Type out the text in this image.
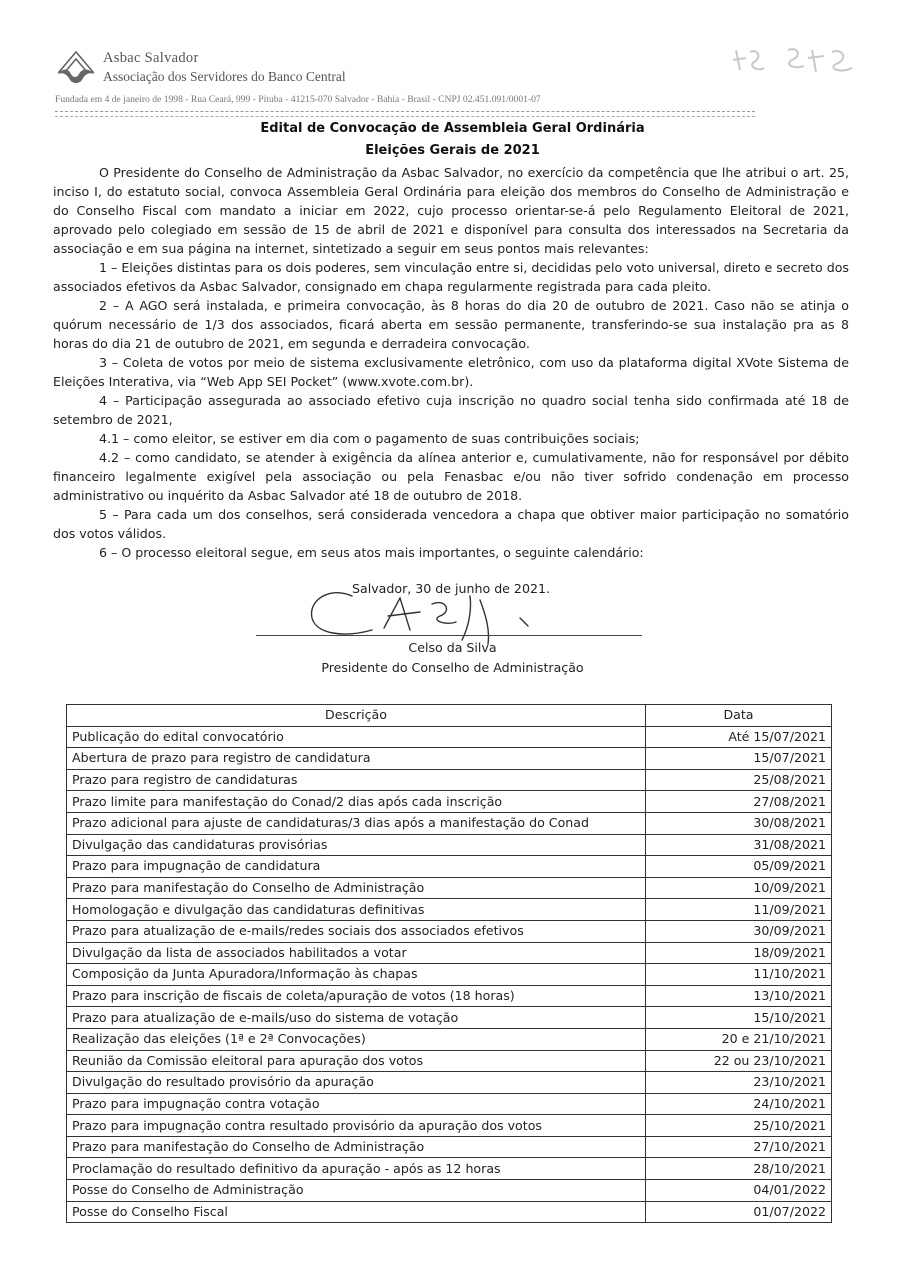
Asbac Salvador
Associação dos Servidores do Banco Central
Fundada em 4 de janeiro de 1998 - Rua Ceará, 999 - Pituba - 41215-070 Salvador - Bahia - Brasil - CNPJ 02.451.091/0001-07
Edital de Convocação de Assembleia Geral Ordinária
Eleições Gerais de 2021

O Presidente do Conselho de Administração da Asbac Salvador, no exercício da competência que lhe atribui o art. 25, inciso I, do estatuto social, convoca Assembleia Geral Ordinária para eleição dos membros do Conselho de Administração e do Conselho Fiscal com mandato a iniciar em 2022, cujo processo orientar-se-á pelo Regulamento Eleitoral de 2021, aprovado pelo colegiado em sessão de 15 de abril de 2021 e disponível para consulta dos interessados na Secretaria da associação e em sua página na internet, sintetizado a seguir em seus pontos mais relevantes:

1 – Eleições distintas para os dois poderes, sem vinculação entre si, decididas pelo voto universal, direto e secreto dos associados efetivos da Asbac Salvador, consignado em chapa regularmente registrada para cada pleito.

2 – A AGO será instalada, e primeira convocação, às 8 horas do dia 20 de outubro de 2021. Caso não se atinja o quórum necessário de 1/3 dos associados, ficará aberta em sessão permanente, transferindo-se sua instalação pra as 8 horas do dia 21 de outubro de 2021, em segunda e derradeira convocação.

3 – Coleta de votos por meio de sistema exclusivamente eletrônico, com uso da plataforma digital XVote Sistema de Eleições Interativa, via “Web App SEI Pocket” (www.xvote.com.br).

4 – Participação assegurada ao associado efetivo cuja inscrição no quadro social tenha sido confirmada até 18 de setembro de 2021,

4.1 – como eleitor, se estiver em dia com o pagamento de suas contribuições sociais;

4.2 – como candidato, se atender à exigência da alínea anterior e, cumulativamente, não for responsável por débito financeiro legalmente exigível pela associação ou pela Fenasbac e/ou não tiver sofrido condenação em processo administrativo ou inquérito da Asbac Salvador até 18 de outubro de 2018.

5 – Para cada um dos conselhos, será considerada vencedora a chapa que obtiver maior participação no somatório dos votos válidos.

6 – O processo eleitoral segue, em seus atos mais importantes, o seguinte calendário:

Salvador, 30 de junho de 2021.
Celso da Silva
Presidente do Conselho de Administração
Descrição	Data
Publicação do edital convocatório	Até 15/07/2021
Abertura de prazo para registro de candidatura	15/07/2021
Prazo para registro de candidaturas	25/08/2021
Prazo limite para manifestação do Conad/2 dias após cada inscrição	27/08/2021
Prazo adicional para ajuste de candidaturas/3 dias após a manifestação do Conad	30/08/2021
Divulgação das candidaturas provisórias	31/08/2021
Prazo para impugnação de candidatura	05/09/2021
Prazo para manifestação do Conselho de Administração	10/09/2021
Homologação e divulgação das candidaturas definitivas	11/09/2021
Prazo para atualização de e-mails/redes sociais dos associados efetivos	30/09/2021
Divulgação da lista de associados habilitados a votar	18/09/2021
Composição da Junta Apuradora/Informação às chapas	11/10/2021
Prazo para inscrição de fiscais de coleta/apuração de votos (18 horas)	13/10/2021
Prazo para atualização de e-mails/uso do sistema de votação	15/10/2021
Realização das eleições (1ª e 2ª Convocações)	20 e 21/10/2021
Reunião da Comissão eleitoral para apuração dos votos	22 ou 23/10/2021
Divulgação do resultado provisório da apuração	23/10/2021
Prazo para impugnação contra votação	24/10/2021
Prazo para impugnação contra resultado provisório da apuração dos votos	25/10/2021
Prazo para manifestação do Conselho de Administração	27/10/2021
Proclamação do resultado definitivo da apuração - após as 12 horas	28/10/2021
Posse do Conselho de Administração	04/01/2022
Posse do Conselho Fiscal	01/07/2022
